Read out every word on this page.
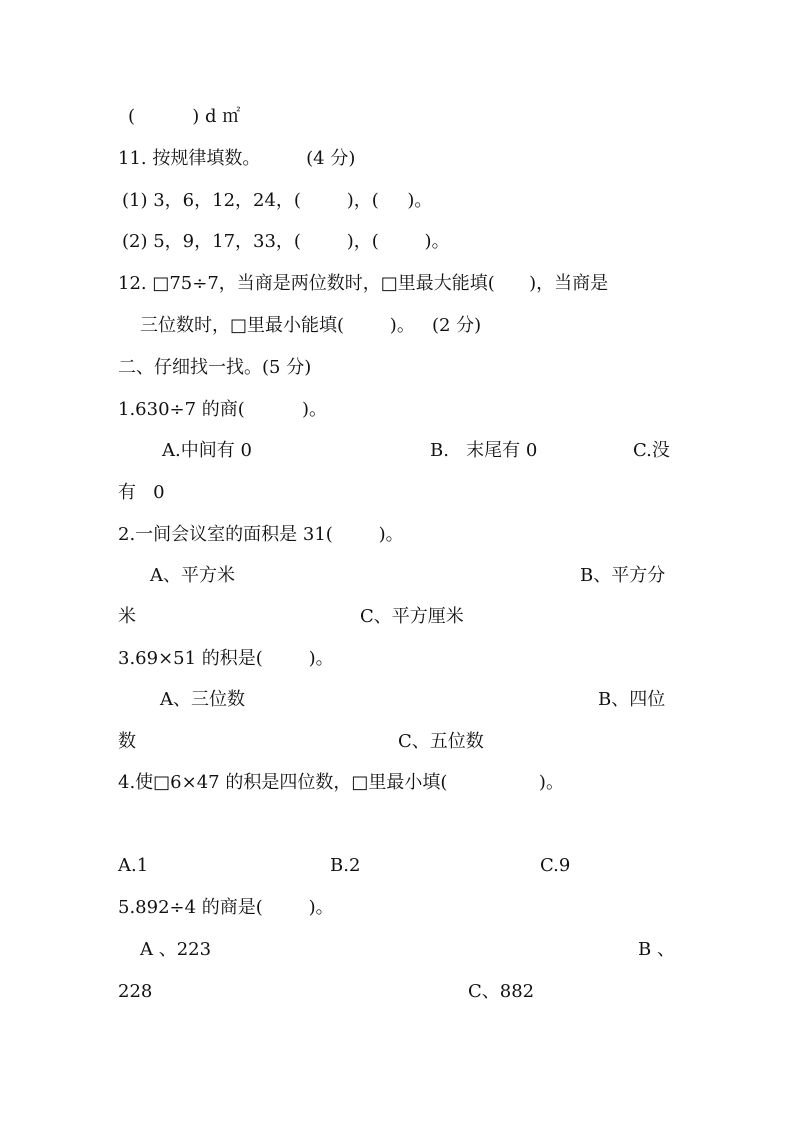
(          ) d ㎡
11. 按规律填数。        (4 分)
(1) 3，6，12，24，(        )，(     )。
(2) 5，9，17，33，(        )，(        )。
12. □75÷7，当商是两位数时，□里最大能填(      )，当商是
三位数时，□里最小能填(        )。   (2 分)
二、仔细找一找。(5 分)
1.630÷7 的商(          )。
A.中间有 0	B.   末尾有 0	C.没
有   0
2.一间会议室的面积是 31(        )。
A、平方米	B、平方分
米	C、平方厘米
3.69×51 的积是(        )。
A、三位数	B、四位
数	C、五位数
4.使□6×47 的积是四位数，□里最小填(                )。
A.1	B.2	C.9
5.892÷4 的商是(        )。
A 、223	B 、
228	C、882
